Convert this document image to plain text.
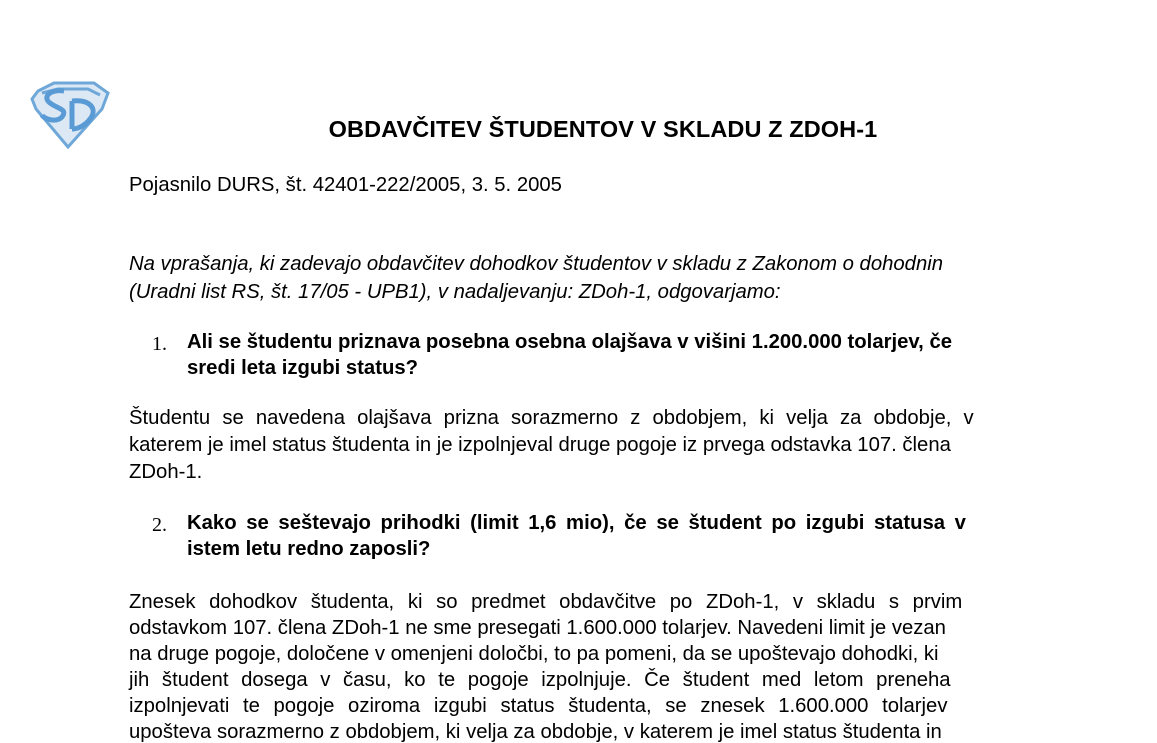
OBDAVČITEV ŠTUDENTOV V SKLADU Z ZDOH-1
Pojasnilo DURS, št. 42401-222/2005, 3. 5. 2005
Na vprašanja, ki zadevajo obdavčitev dohodkov študentov v skladu z Zakonom o dohodnin
(Uradni list RS, št. 17/05 - UPB1), v nadaljevanju: ZDoh-1, odgovarjamo:
1. Ali se študentu priznava posebna osebna olajšava v višini 1.200.000 tolarjev, če
sredi leta izgubi status?
Študentu se navedena olajšava prizna sorazmerno z obdobjem, ki velja za obdobje, v
katerem je imel status študenta in je izpolnjeval druge pogoje iz prvega odstavka 107. člena
ZDoh-1.
2. Kako se seštevajo prihodki (limit 1,6 mio), če se študent po izgubi statusa v
istem letu redno zaposli?
Znesek dohodkov študenta, ki so predmet obdavčitve po ZDoh-1, v skladu s prvim
odstavkom 107. člena ZDoh-1 ne sme presegati 1.600.000 tolarjev. Navedeni limit je vezan
na druge pogoje, določene v omenjeni določbi, to pa pomeni, da se upoštevajo dohodki, ki
jih študent dosega v času, ko te pogoje izpolnjuje. Če študent med letom preneha
izpolnjevati te pogoje oziroma izgubi status študenta, se znesek 1.600.000 tolarjev
upošteva sorazmerno z obdobjem, ki velja za obdobje, v katerem je imel status študenta in
